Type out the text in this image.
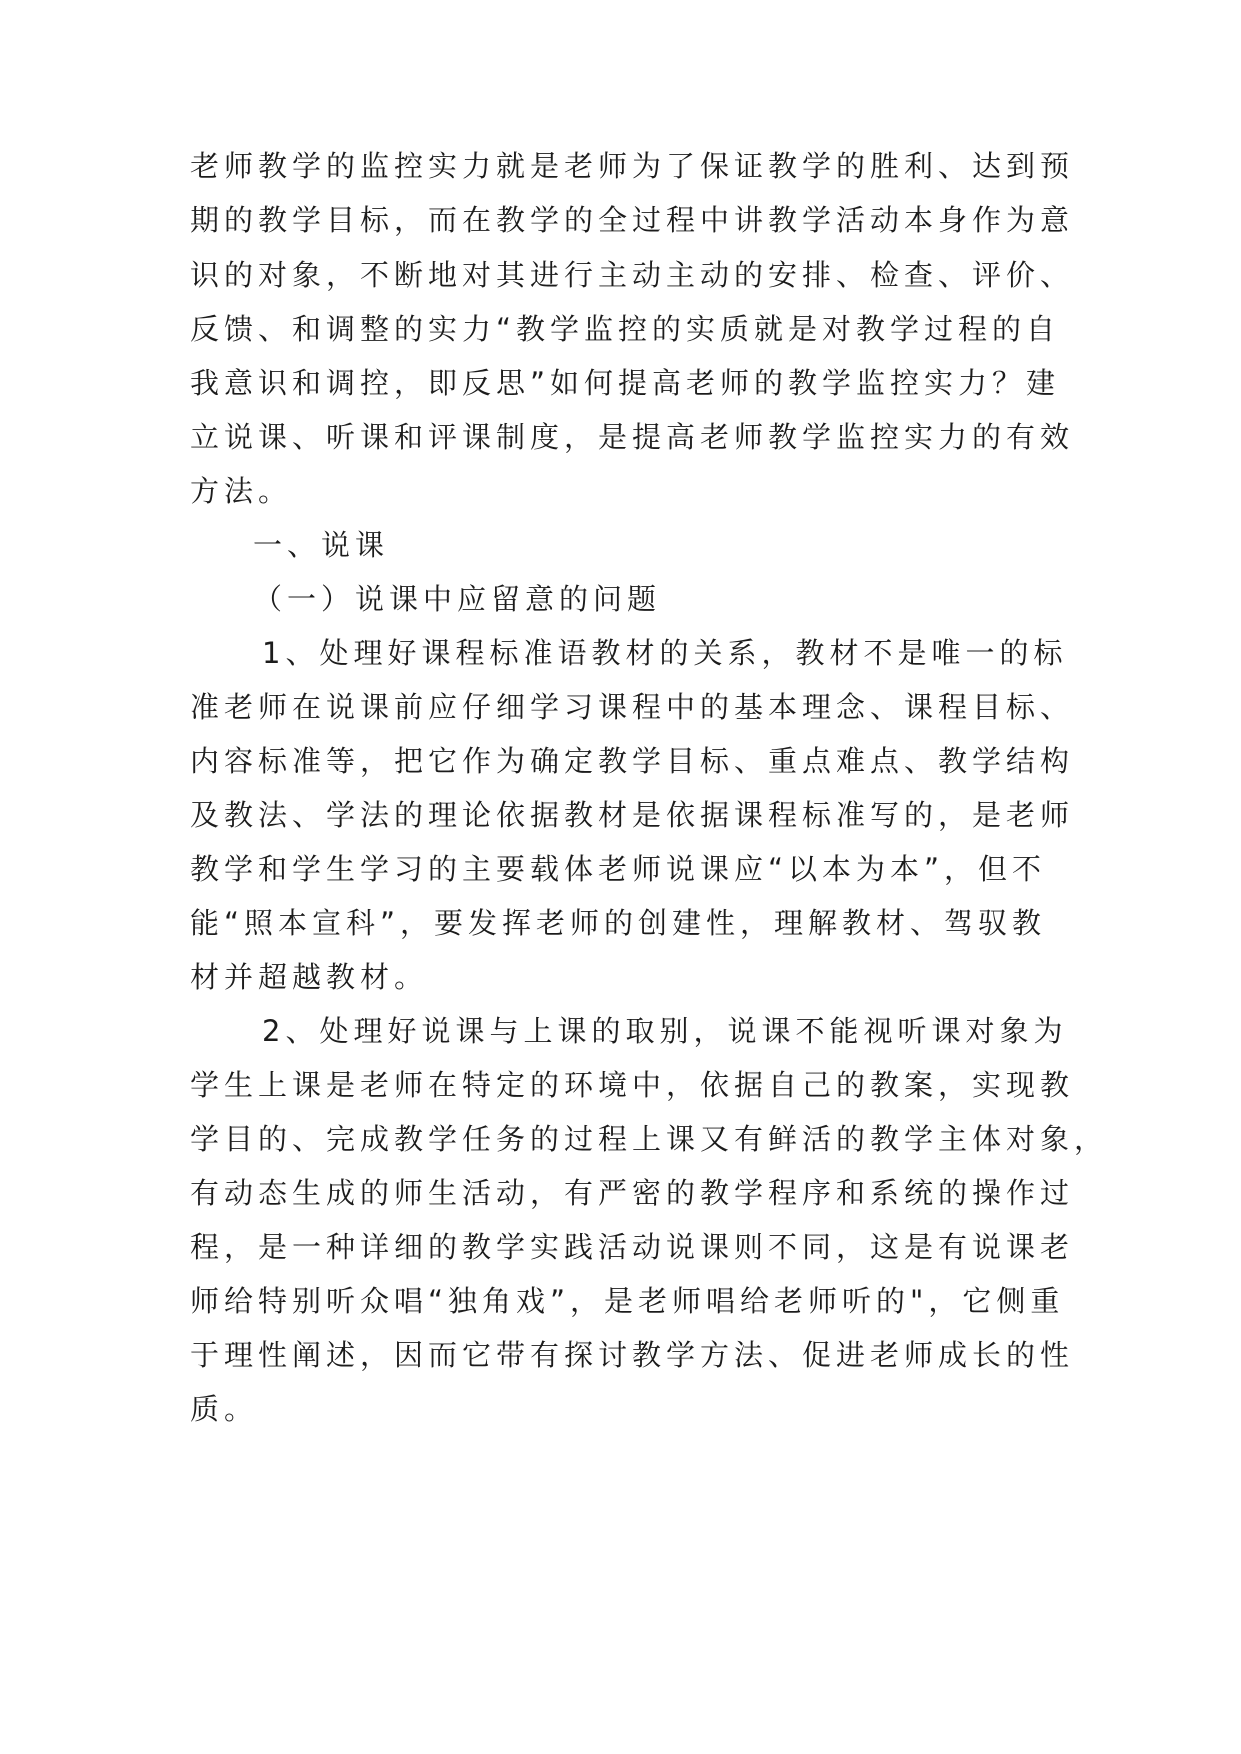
老师教学的监控实力就是老师为了保证教学的胜利、达到预
期的教学目标，而在教学的全过程中讲教学活动本身作为意
识的对象，不断地对其进行主动主动的安排、检查、评价、
反馈、和调整的实力“教学监控的实质就是对教学过程的自
我意识和调控，即反思”如何提高老师的教学监控实力？建
立说课、听课和评课制度，是提高老师教学监控实力的有效
方法。
一、说课
（一）说课中应留意的问题
1、处理好课程标准语教材的关系，教材不是唯一的标
准老师在说课前应仔细学习课程中的基本理念、课程目标、
内容标准等，把它作为确定教学目标、重点难点、教学结构
及教法、学法的理论依据教材是依据课程标准写的，是老师
教学和学生学习的主要载体老师说课应“以本为本”，但不
能“照本宣科”，要发挥老师的创建性，理解教材、驾驭教
材并超越教材。
2、处理好说课与上课的取别，说课不能视听课对象为
学生上课是老师在特定的环境中，依据自己的教案，实现教
学目的、完成教学任务的过程上课又有鲜活的教学主体对象，
有动态生成的师生活动，有严密的教学程序和系统的操作过
程，是一种详细的教学实践活动说课则不同，这是有说课老
师给特别听众唱“独角戏”，是老师唱给老师听的"，它侧重
于理性阐述，因而它带有探讨教学方法、促进老师成长的性
质。
